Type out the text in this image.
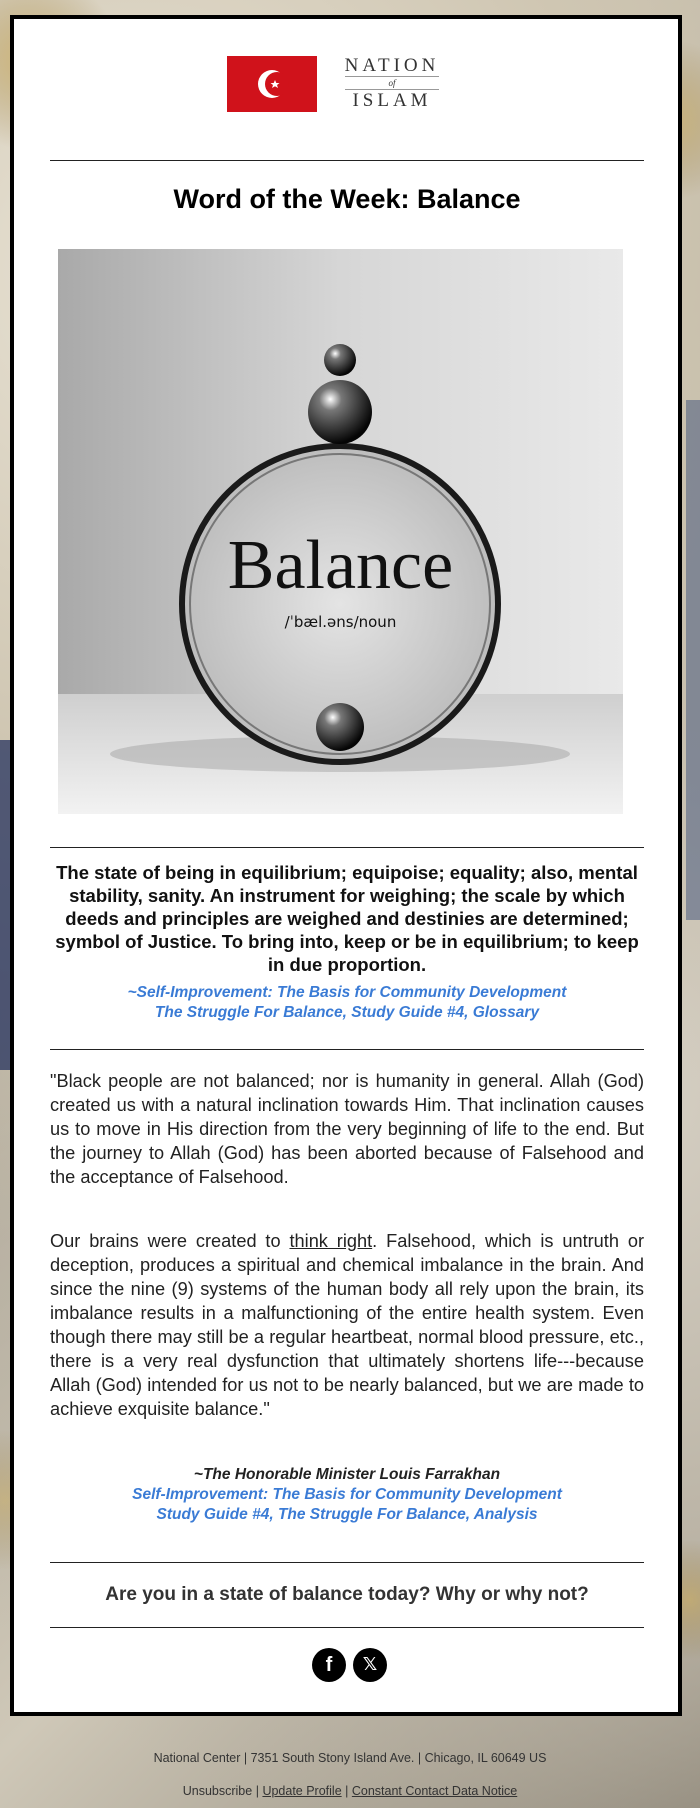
NATION
of
ISLAM
Word of the Week: Balance
Balance
/ˈbæl.əns/noun
The state of being in equilibrium; equipoise; equality; also, mental stability, sanity. An instrument for weighing; the scale by which deeds and principles are weighed and destinies are determined; symbol of Justice. To bring into, keep or be in equilibrium; to keep in due proportion.
~Self-Improvement: The Basis for Community Development
The Struggle For Balance, Study Guide #4, Glossary

"Black people are not balanced; nor is humanity in general. Allah (God) created us with a natural inclination towards Him. That inclination causes us to move in His direction from the very beginning of life to the end. But the journey to Allah (God) has been aborted because of Falsehood and the acceptance of Falsehood.

Our brains were created to think right. Falsehood, which is untruth or deception, produces a spiritual and chemical imbalance in the brain. And since the nine (9) systems of the human body all rely upon the brain, its imbalance results in a malfunctioning of the entire health system. Even though there may still be a regular heartbeat, normal blood pressure, etc., there is a very real dysfunction that ultimately shortens life---because Allah (God) intended for us not to be nearly balanced, but we are made to achieve exquisite balance."

~The Honorable Minister Louis Farrakhan
Self-Improvement: The Basis for Community Development
Study Guide #4, The Struggle For Balance, Analysis
Are you in a state of balance today? Why or why not?
f	𝕏
National Center | 7351 South Stony Island Ave. | Chicago, IL 60649 US
Unsubscribe | Update Profile | Constant Contact Data Notice
